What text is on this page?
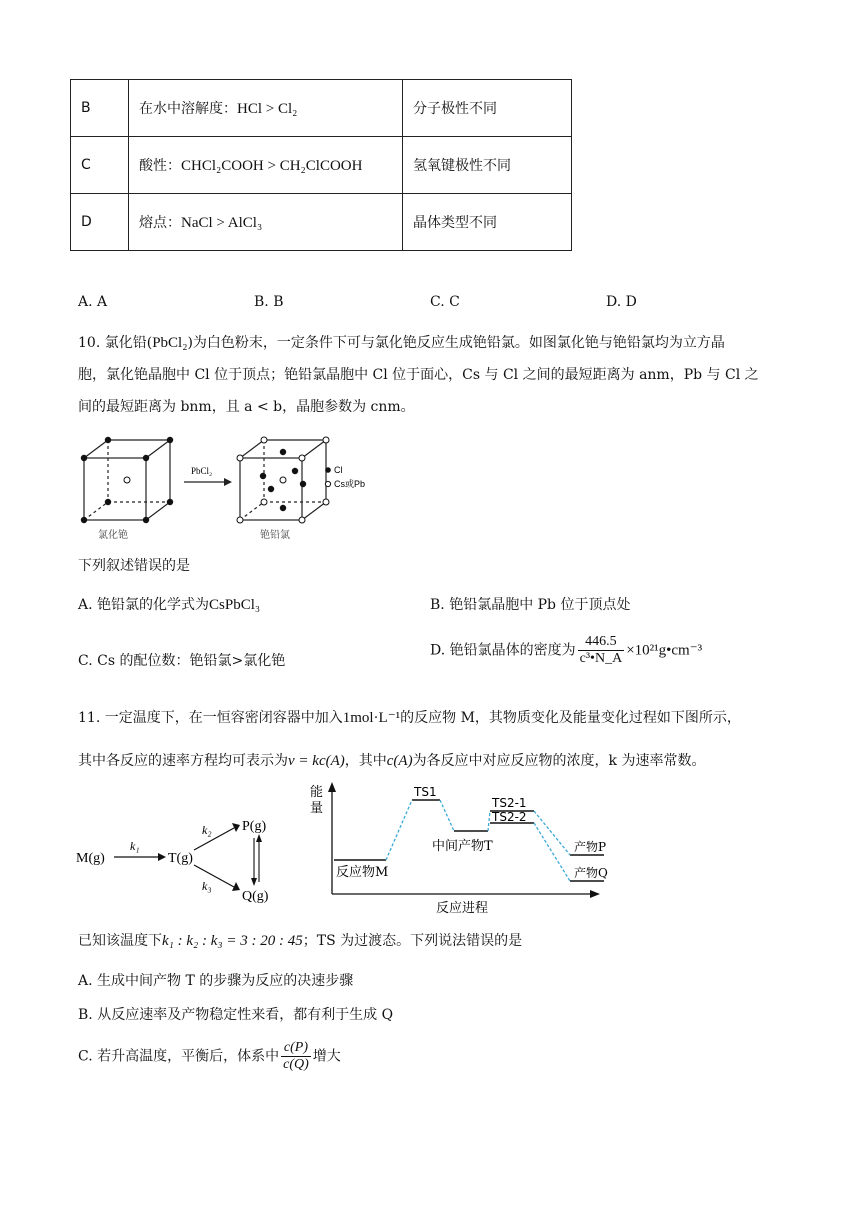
B	在水中溶解度：HCl > Cl₂	分子极性不同
C	酸性：CHCl₂COOH > CH₂ClCOOH	氢氧键极性不同
D	熔点：NaCl > AlCl₃	晶体类型不同
A. A	B. B	C. C	D. D
10. 氯化铅(PbCl₂)为白色粉末，一定条件下可与氯化铯反应生成铯铅氯。如图氯化铯与铯铅氯均为立方晶
胞，氯化铯晶胞中 Cl 位于顶点；铯铅氯晶胞中 Cl 位于面心，Cs 与 Cl 之间的最短距离为 anm，Pb 与 Cl 之
间的最短距离为 bnm，且 a < b，晶胞参数为 cnm。
PbCl₂	Cl
Cs或Pb
氯化铯	铯铅氯
下列叙述错误的是
A. 铯铅氯的化学式为CsPbCl₃	B. 铯铅氯晶胞中 Pb 位于顶点处
C. Cs 的配位数：铯铅氯>氯化铯
D. 铯铅氯晶体的密度为 $\frac{446.5}{\text{c³•N\_A}}$ ×10²¹g•cm⁻³
11. 一定温度下，在一恒容密闭容器中加入1mol·L⁻¹的反应物 M，其物质变化及能量变化过程如下图所示，
其中各反应的速率方程均可表示为v = kc(A)，其中c(A)为各反应中对应反应物的浓度，k 为速率常数。
M(g)
k₁
T(g)
k₂
k₃
P(g)
Q(g)
能
量
反应进程
反应物M
TS1
中间产物T
TS2-1
TS2-2
产物P
产物Q
已知该温度下k₁ : k₂ : k₃ = 3 : 20 : 45；TS 为过渡态。下列说法错误的是
A. 生成中间产物 T 的步骤为反应的决速步骤
B. 从反应速率及产物稳定性来看，都有利于生成 Q
C. 若升高温度，平衡后，体系中 $\frac{c(P)}{c(Q)}$ 增大
